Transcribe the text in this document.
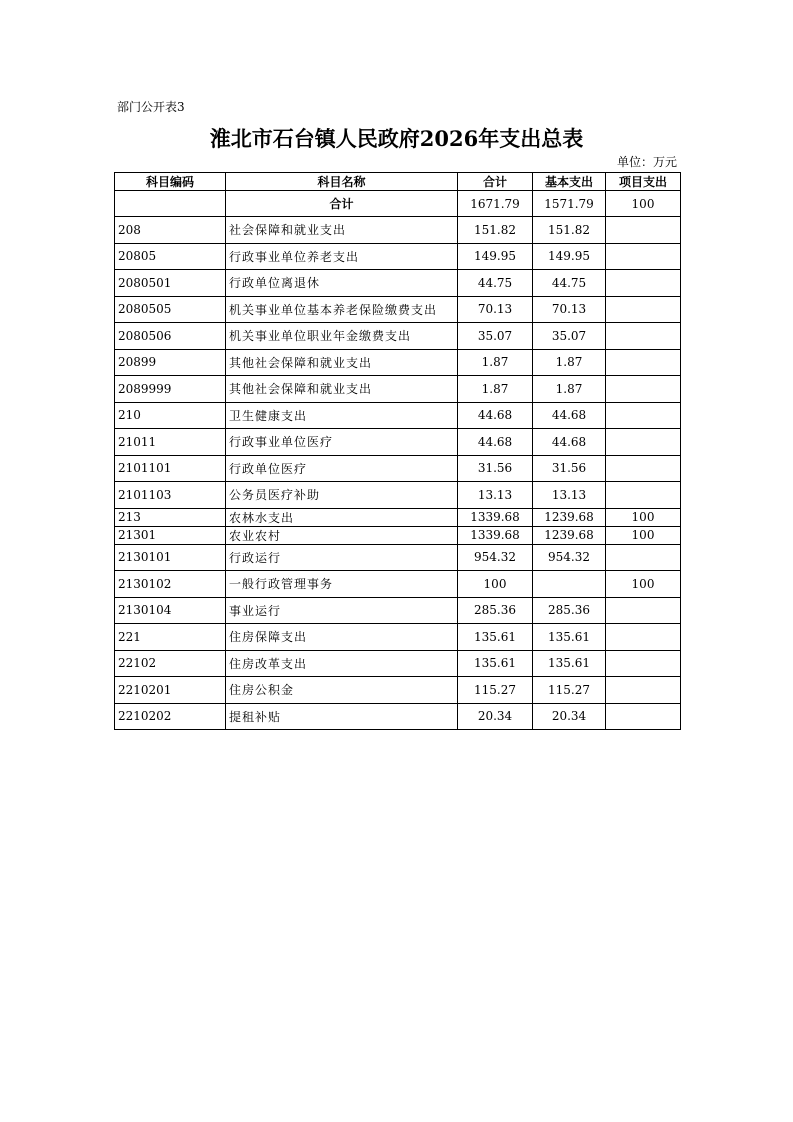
部门公开表3
淮北市石台镇人民政府2026年支出总表
单位：万元
科目编码	科目名称	合计	基本支出	项目支出
	合计	1671.79	1571.79	100
208	社会保障和就业支出	151.82	151.82	
20805	行政事业单位养老支出	149.95	149.95	
2080501	行政单位离退休	44.75	44.75	
2080505	机关事业单位基本养老保险缴费支出	70.13	70.13	
2080506	机关事业单位职业年金缴费支出	35.07	35.07	
20899	其他社会保障和就业支出	1.87	1.87	
2089999	其他社会保障和就业支出	1.87	1.87	
210	卫生健康支出	44.68	44.68	
21011	行政事业单位医疗	44.68	44.68	
2101101	行政单位医疗	31.56	31.56	
2101103	公务员医疗补助	13.13	13.13	
213	农林水支出	1339.68	1239.68	100
21301	农业农村	1339.68	1239.68	100
2130101	行政运行	954.32	954.32	
2130102	一般行政管理事务	100		100
2130104	事业运行	285.36	285.36	
221	住房保障支出	135.61	135.61	
22102	住房改革支出	135.61	135.61	
2210201	住房公积金	115.27	115.27	
2210202	提租补贴	20.34	20.34	
